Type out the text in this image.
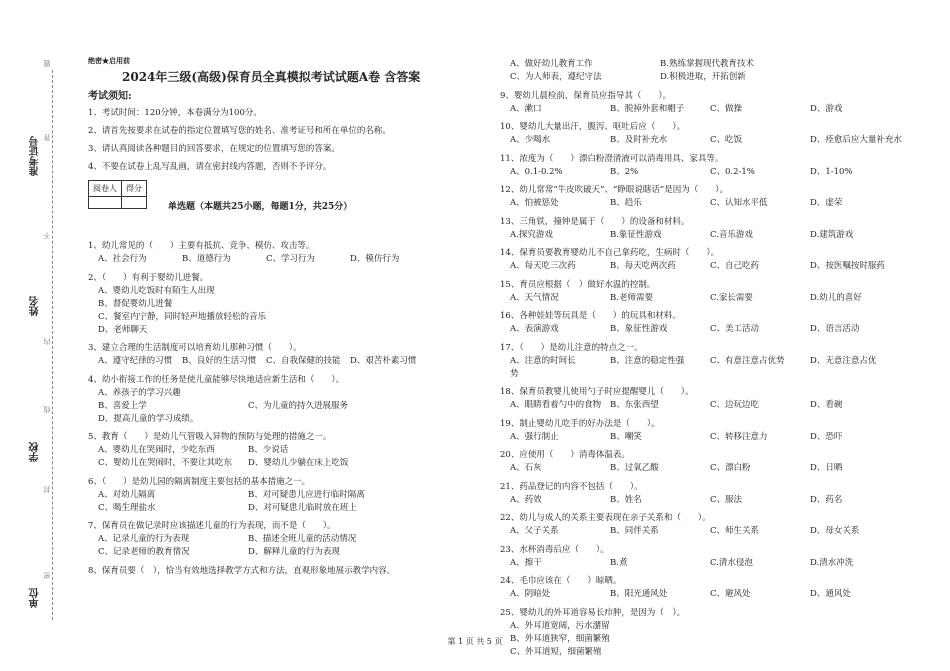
准考证号
姓名
学校
单位
题
答
不
内
线
封
密
绝密★启用前
2024年三级(高级)保育员全真模拟考试试题A卷 含答案
考试须知:
1、考试时间：120分钟，本卷满分为100分。
2、请首先按要求在试卷的指定位置填写您的姓名、准考证号和所在单位的名称。
3、请认真阅读各种题目的回答要求，在规定的位置填写您的答案。
4、不要在试卷上乱写乱画，请在密封线内答题，否则不予评分。
阅卷人	得分

单选题（本题共25小题，每题1分，共25分）
1、幼儿常见的（　　）主要有抵抗、竞争、模仿、攻击等。
A、社会行为	B、道德行为	C、学习行为	D、模仿行为
2、（　　）有利于婴幼儿进餐。
A、婴幼儿吃饭时有陌生人出现
B、督促婴幼儿进餐
C、餐室内宁静，同时轻声地播放轻松的音乐
D、老师聊天
3、建立合理的生活制度可以培育幼儿那种习惯（　　）。
A、遵守纪律的习惯	B、良好的生活习惯	C、自我保健的技能	D、艰苦朴素习惯
4、幼小衔接工作的任务是使儿童能够尽快地适应新生活和（　　）。
A、养孩子的学习兴趣
B、喜爱上学	C、为儿童的持久进展服务
D、提高儿童的学习成绩。
5、教育（　　）是幼儿气管吸入异物的预防与处理的措施之一。
A、婴幼儿在哭闹时，少吃东西	B、少说话
C、婴幼儿在哭闹时，不要让其吃东	D、婴幼儿少躺在床上吃饭
6、（　　）是幼儿园的隔离制度主要包括的基本措施之一。
A、对幼儿隔离	B、对可疑患儿应进行临时隔离
C、喝生理盐水	D、对可疑患儿临时放在班上
7、保育员在做记录时应该描述儿童的行为表现，而不是（　　）。
A、记录儿童的行为表现	B、描述全班儿童的活动情况
C、记录老师的教育情况	D、解释儿童的行为表现
8、保育员要（　），恰当有效地选择教学方式和方法，直观形象地展示教学内容。
A、做好幼儿教育工作	B.熟练掌握现代教育技术
C、为人师表，遵纪守法	D.积极进取，开拓创新
9、婴幼儿晨检前，保育员应指导其（　　）。
A、漱口	B、脱掉外套和帽子	C、做操	D、游戏
10、婴幼儿大量出汗，腹泻、呕吐后应（　　）。
A、少喝水	B、及时补充水	C、吃饭	D、痊愈后应大量补充水
11、浓度为（　　）漂白粉澄清液可以消毒用具、家具等。
A、0.1-0.2%	B、2%	C、0.2-1%	D、1-10%
12、幼儿常常“牛皮吹破天”、“睁眼说瞎话”是因为（　　）。
A、怕被惩处	B、趋乐	C、认知水平低	D、虚荣
13、三角铁，撞钟是属于（　　）的设备和材料。
A.探究游戏	B.象征性游戏	C.音乐游戏	D.建筑游戏
14、保育员要教育婴幼儿不自己拿药吃，生病时（　　）。
A、每天吃三次药	B、每天吃两次药	C、自己吃药	D、按医嘱按时服药
15、育员应根据（　）做好水温的控制。
A、天气情况	B.老师需要	C.家长需要	D.幼儿的喜好
16、各种娃娃等玩具是（　　）的玩具和材料。
A、表演游戏	B、象征性游戏	C、美工活动	D、语言活动
17、（　　）是幼儿注意的特点之一。
A、注意的时间长	B、注意的稳定性强	C、有意注意占优势	D、无意注意占优
势
18、保育员教婴儿使用勺子时应提醒婴儿（　　）。
A、眼睛看着勺中的食物	B、东张西望	C、边玩边吃	D、看碗
19、制止婴幼儿吃手的好办法是（　　）。
A、强行制止	B、嘲笑	C、转移注意力	D、恐吓
20、应使用（　　）消毒体温表。
A、石灰	B、过氧乙酸	C、漂白粉	D、日晒
21、药品登记的内容不包括（　　）。
A、药效	B、姓名	C、服法	D、药名
22、幼儿与成人的关系主要表现在亲子关系和（　　）。
A、父子关系	B、同伴关系	C、师生关系	D、母女关系
23、水杯消毒后应（　　）。
A、擦干	B.煮	C.清水侵泡	D.清水冲洗
24、毛巾应该在（　　）晾晒。
A、阴暗处	B、阳光通风处	C、避风处	D、通风处
25、婴幼儿的外耳道容易长疖肿，是因为（　）。
A、外耳道宽阔，污水潴留
B、外耳道狭窄，细菌繁殖
C、外耳道短，细菌繁殖
第 1 页 共 5 页
